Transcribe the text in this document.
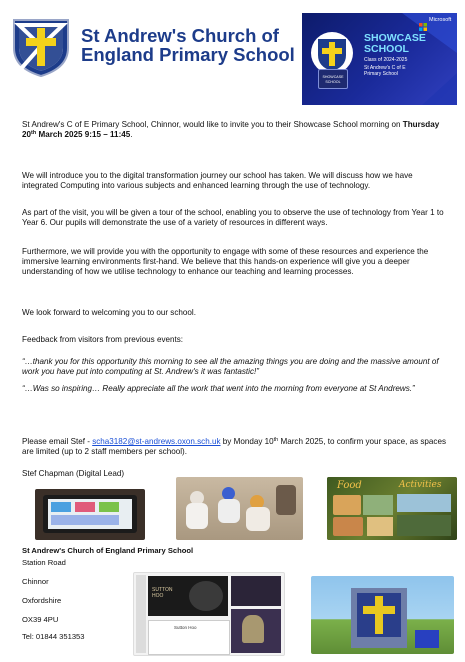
St Andrew's Church of
England Primary School
Microsoft
SHOWCASE
SCHOOL
SHOWCASE
SCHOOL
Class of 2024-2025
St Andrew's C of E
Primary School

St Andrew's C of E Primary School, Chinnor, would like to invite you to their Showcase School morning on Thursday 20th March 2025 9:15 – 11:45.

We will introduce you to the digital transformation journey our school has taken. We will discuss how we have integrated Computing into various subjects and enhanced learning through the use of technology.

As part of the visit, you will be given a tour of the school, enabling you to observe the use of technology from Year 1 to Year 6. Our pupils will demonstrate the use of a variety of resources in different ways.

Furthermore, we will provide you with the opportunity to engage with some of these resources and experience the immersive learning environments first-hand. We believe that this hands-on experience will give you a deeper understanding of how we utilise technology to enhance our teaching and learning processes.

We look forward to welcoming you to our school.

Feedback from visitors from previous events:

“…thank you for this opportunity this morning to see all the amazing things you are doing and the massive amount of work you have put into computing at St. Andrew's it was fantastic!”

“…Was so inspiring… Really appreciate all the work that went into the morning from everyone at St Andrews.”

Please email Stef - scha3182@st-andrews.oxon.sch.uk by Monday 10th March 2025, to confirm your space, as spaces are limited (up to 2 staff members per school).

Stef Chapman (Digital Lead)

Food	Activities
St Andrew's Church of England Primary School
Station Road
Chinnor
Oxfordshire
OX39 4PU
Tel: 01844 351353
SUTTON HOO
Sutton Hoo
